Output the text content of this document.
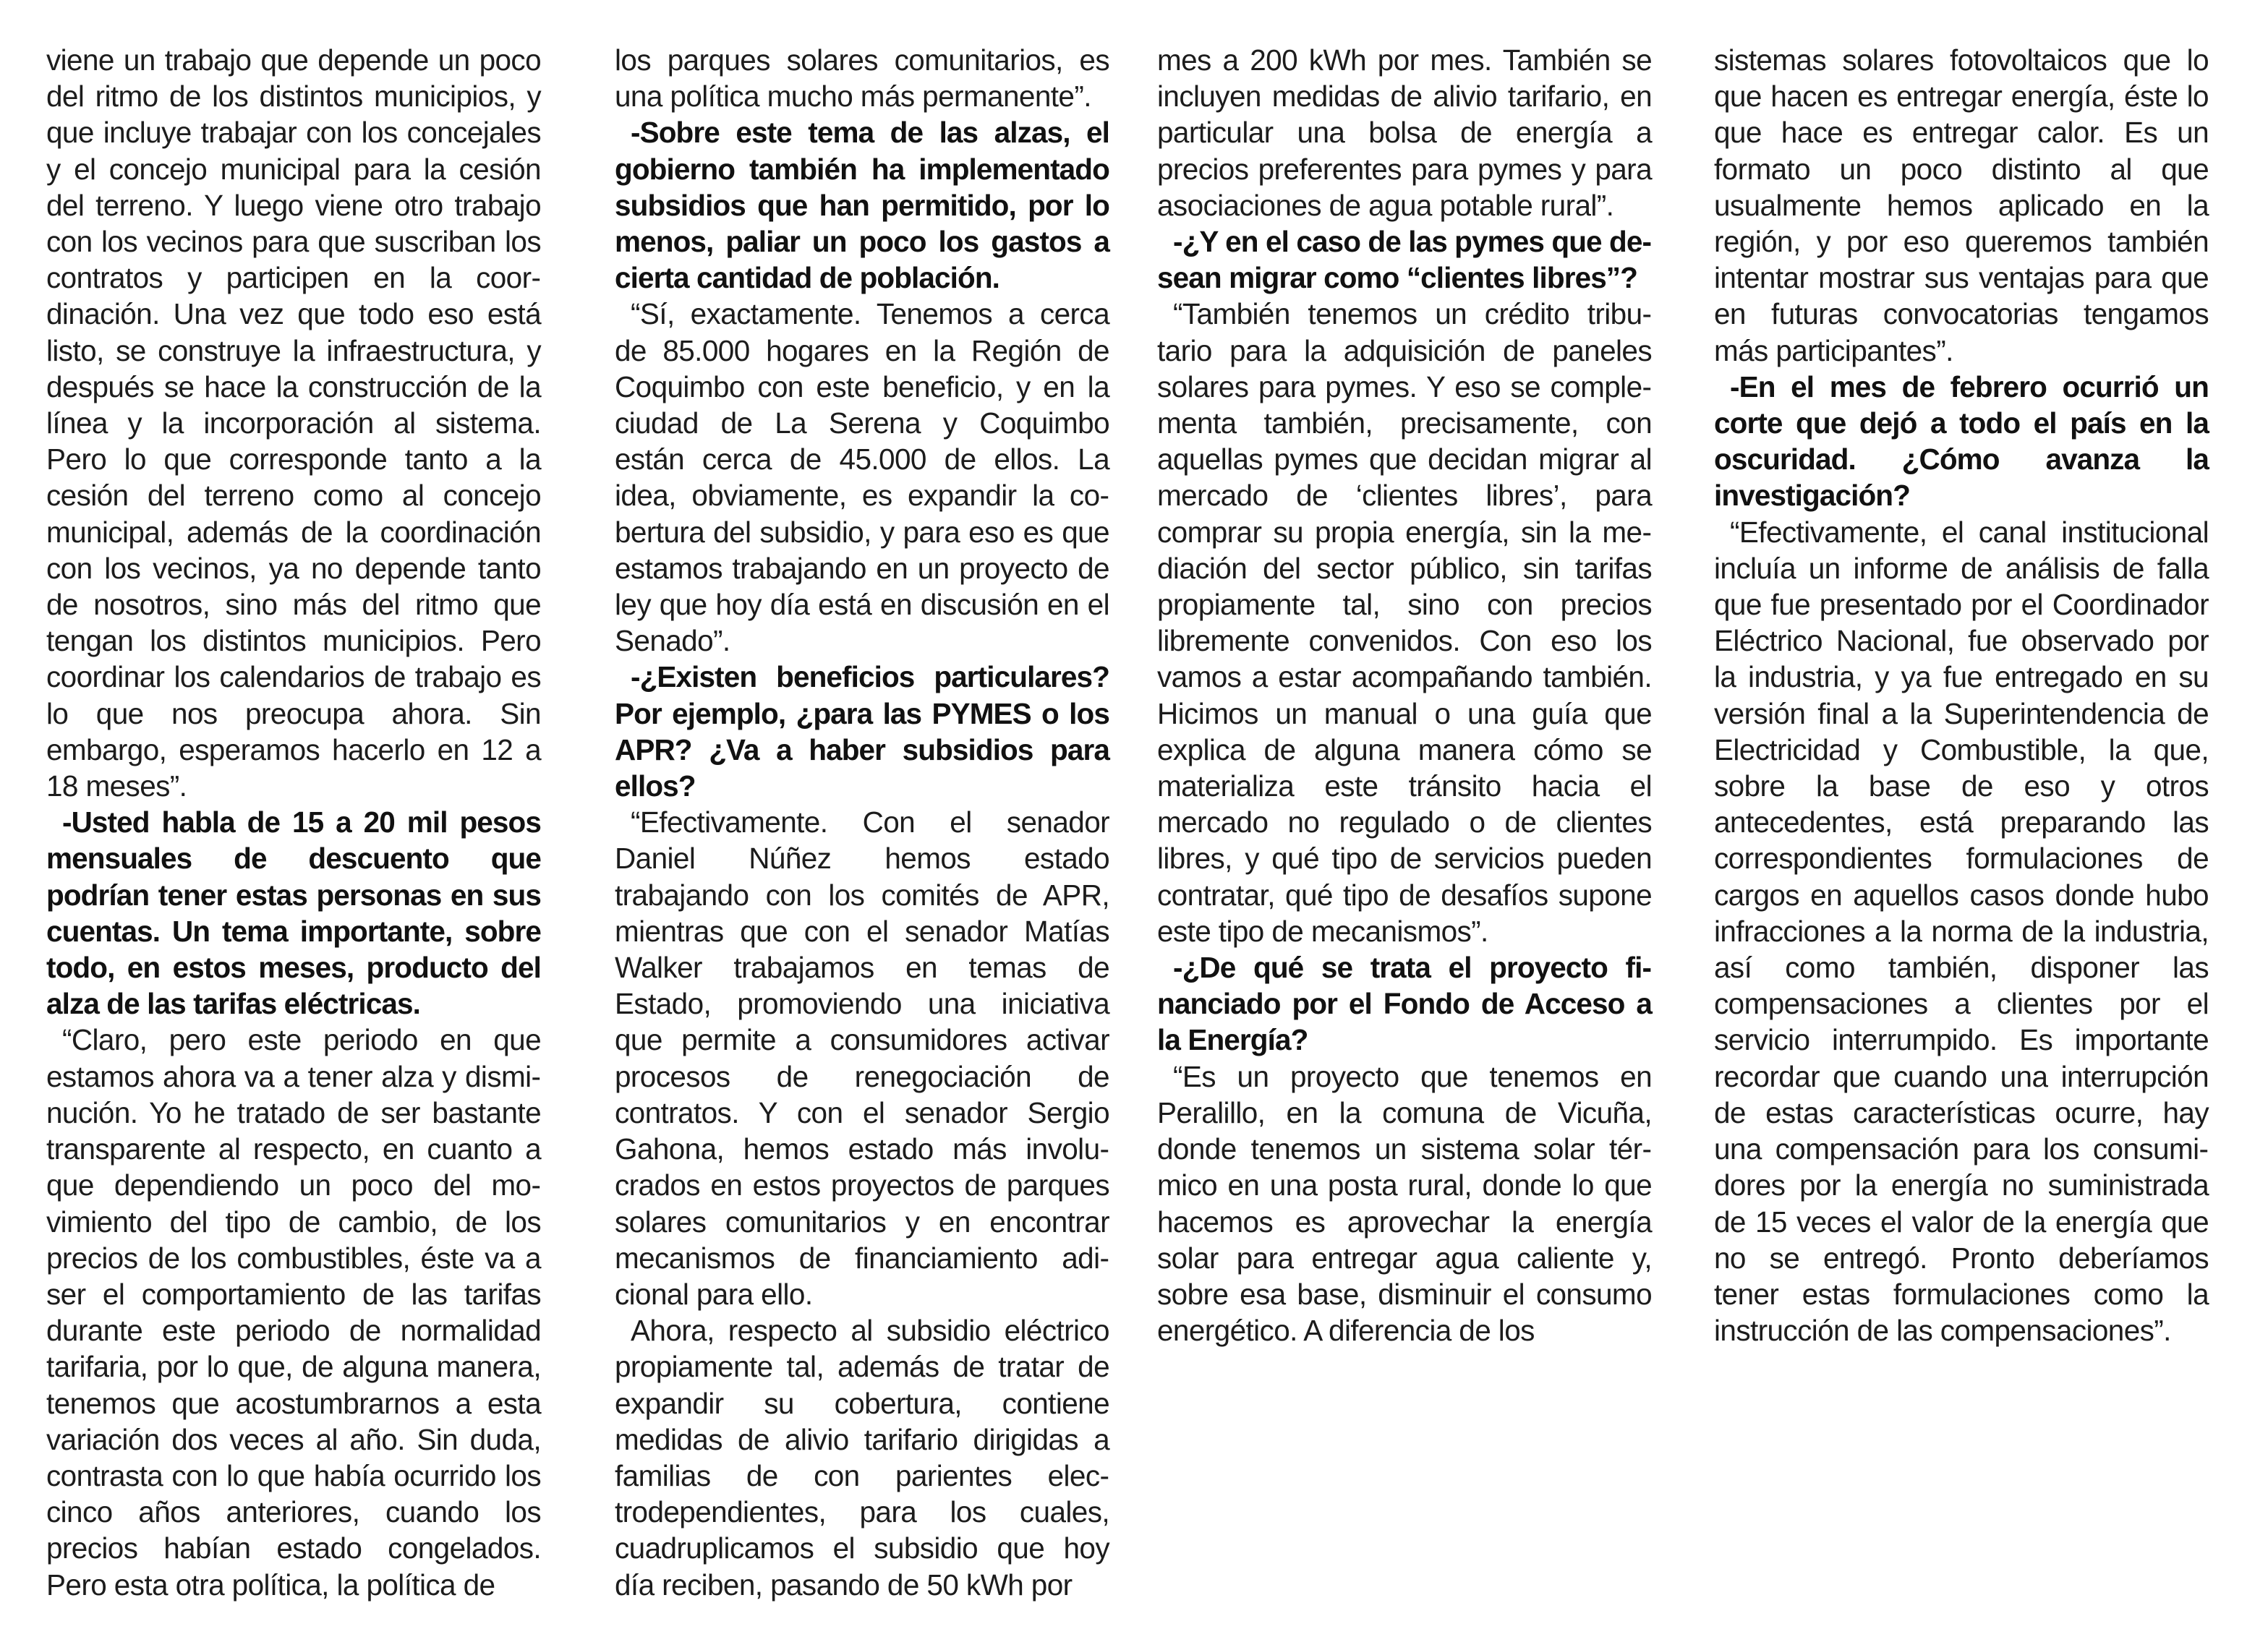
viene un trabajo que depende un poco del ritmo de los distintos municipios, y que incluye trabajar con los concejales y el concejo municipal para la cesión del terreno. Y luego viene otro trabajo con los vecinos para que suscriban los contratos y participen en la coordinación. Una vez que todo eso está listo, se construye la infraestructura, y después se hace la construcción de la línea y la incorporación al sistema. Pero lo que corresponde tanto a la cesión del terreno como al concejo municipal, además de la coordinación con los vecinos, ya no depende tanto de nosotros, sino más del ritmo que tengan los distintos municipios. Pero coordinar los calendarios de trabajo es lo que nos preocupa ahora. Sin embargo, esperamos hacerlo en 12 a 18 meses”.

-Usted habla de 15 a 20 mil pesos mensuales de descuento que podrían tener estas personas en sus cuentas. Un tema importante, sobre todo, en estos meses, producto del alza de las tarifas eléctricas.

“Claro, pero este periodo en que estamos ahora va a tener alza y disminución. Yo he tratado de ser bastante transparente al respecto, en cuanto a que dependiendo un poco del movimiento del tipo de cambio, de los precios de los combustibles, éste va a ser el comportamiento de las tarifas durante este periodo de normalidad tarifaria, por lo que, de alguna manera, tenemos que acostumbrarnos a esta variación dos veces al año. Sin duda, contrasta con lo que había ocurrido los cinco años anteriores, cuando los precios habían estado congelados. Pero esta otra política, la política de

los parques solares comunitarios, es una política mucho más permanente”.

-Sobre este tema de las alzas, el gobierno también ha implementado subsidios que han permitido, por lo menos, paliar un poco los gastos a cierta cantidad de población.

“Sí, exactamente. Tenemos a cerca de 85.000 hogares en la Región de Coquimbo con este beneficio, y en la ciudad de La Serena y Coquimbo están cerca de 45.000 de ellos. La idea, obviamente, es expandir la cobertura del subsidio, y para eso es que estamos trabajando en un proyecto de ley que hoy día está en discusión en el Senado”.

-¿Existen beneficios particulares? Por ejemplo, ¿para las PYMES o los APR? ¿Va a haber subsidios para ellos?

“Efectivamente. Con el senador Daniel Núñez hemos estado trabajando con los comités de APR, mientras que con el senador Matías Walker trabajamos en temas de Estado, promoviendo una iniciativa que permite a consumidores activar procesos de renegociación de contratos. Y con el senador Sergio Gahona, hemos estado más involucrados en estos proyectos de parques solares comunitarios y en encontrar mecanismos de financiamiento adicional para ello.

Ahora, respecto al subsidio eléctrico propiamente tal, además de tratar de expandir su cobertura, contiene medidas de alivio tarifario dirigidas a familias de con parientes electrodependientes, para los cuales, cuadruplicamos el subsidio que hoy día reciben, pasando de 50 kWh por

mes a 200 kWh por mes. También se incluyen medidas de alivio tarifario, en particular una bolsa de energía a precios preferentes para pymes y para asociaciones de agua potable rural”.

-¿Y en el caso de las pymes que desean migrar como “clientes libres”?

“También tenemos un crédito tributario para la adquisición de paneles solares para pymes. Y eso se complementa también, precisamente, con aquellas pymes que decidan migrar al mercado de ‘clientes libres’, para comprar su propia energía, sin la mediación del sector público, sin tarifas propiamente tal, sino con precios libremente convenidos. Con eso los vamos a estar acompañando también. Hicimos un manual o una guía que explica de alguna manera cómo se materializa este tránsito hacia el mercado no regulado o de clientes libres, y qué tipo de servicios pueden contratar, qué tipo de desafíos supone este tipo de mecanismos”.

-¿De qué se trata el proyecto financiado por el Fondo de Acceso a la Energía?

“Es un proyecto que tenemos en Peralillo, en la comuna de Vicuña, donde tenemos un sistema solar térmico en una posta rural, donde lo que hacemos es aprovechar la energía solar para entregar agua caliente y, sobre esa base, disminuir el consumo energético. A diferencia de los

sistemas solares fotovoltaicos que lo que hacen es entregar energía, éste lo que hace es entregar calor. Es un formato un poco distinto al que usualmente hemos aplicado en la región, y por eso queremos también intentar mostrar sus ventajas para que en futuras convocatorias tengamos más participantes”.

-En el mes de febrero ocurrió un corte que dejó a todo el país en la oscuridad. ¿Cómo avanza la investigación?

“Efectivamente, el canal institucional incluía un informe de análisis de falla que fue presentado por el Coordinador Eléctrico Nacional, fue observado por la industria, y ya fue entregado en su versión final a la Superintendencia de Electricidad y Combustible, la que, sobre la base de eso y otros antecedentes, está preparando las correspondientes formulaciones de cargos en aquellos casos donde hubo infracciones a la norma de la industria, así como también, disponer las compensaciones a clientes por el servicio interrumpido. Es importante recordar que cuando una interrupción de estas características ocurre, hay una compensación para los consumidores por la energía no suministrada de 15 veces el valor de la energía que no se entregó. Pronto deberíamos tener estas formulaciones como la instrucción de las compensaciones”.
